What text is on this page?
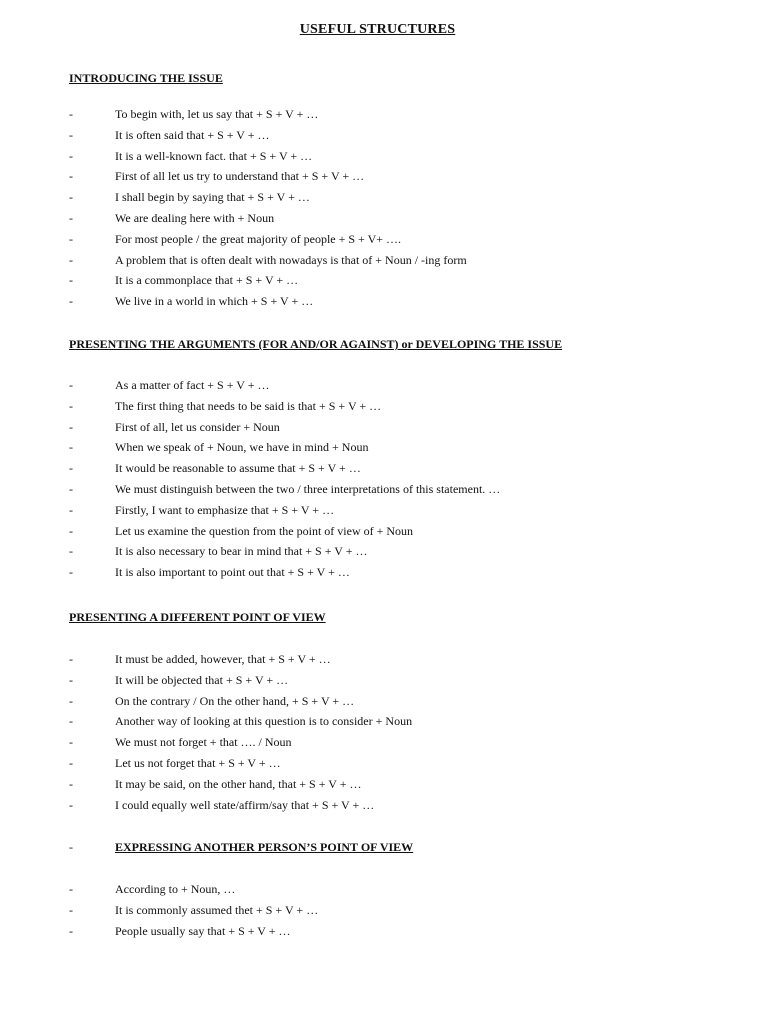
USEFUL STRUCTURES
INTRODUCING THE ISSUE
-	To begin with, let us say that + S + V + …
-	It is often said that + S + V + …
-	It is a well-known fact. that + S + V + …
-	First of all let us try to understand that + S + V + …
-	I shall begin by saying that + S + V + …
-	We are dealing here with + Noun
-	For most people / the great majority of people + S + V+ ….
-	A problem that is often dealt with nowadays is that of + Noun / -ing form
-	It is a commonplace that + S + V + …
-	We live in a world in which + S + V + …
PRESENTING THE ARGUMENTS (FOR AND/OR AGAINST) or DEVELOPING THE ISSUE
-	As a matter of fact + S + V + …
-	The first thing that needs to be said is that + S + V + …
-	First of all, let us consider + Noun
-	When we speak of + Noun, we have in mind + Noun
-	It would be reasonable to assume that + S + V + …
-	We must distinguish between the two / three interpretations of this statement. …
-	Firstly, I want to emphasize that + S + V + …
-	Let us examine the question from the point of view of + Noun
-	It is also necessary to bear in mind that + S + V + …
-	It is also important to point out that + S + V + …
PRESENTING A DIFFERENT POINT OF VIEW
-	It must be added, however, that + S + V + …
-	It will be objected that + S + V + …
-	On the contrary / On the other hand, + S + V + …
-	Another way of looking at this question is to consider + Noun
-	We must not forget + that …. / Noun
-	Let us not forget that + S + V + …
-	It may be said, on the other hand, that + S + V + …
-	I could equally well state/affirm/say that + S + V + …
-	EXPRESSING ANOTHER PERSON’S POINT OF VIEW
-	According to + Noun, …
-	It is commonly assumed thet + S + V + …
-	People usually say that + S + V + …
